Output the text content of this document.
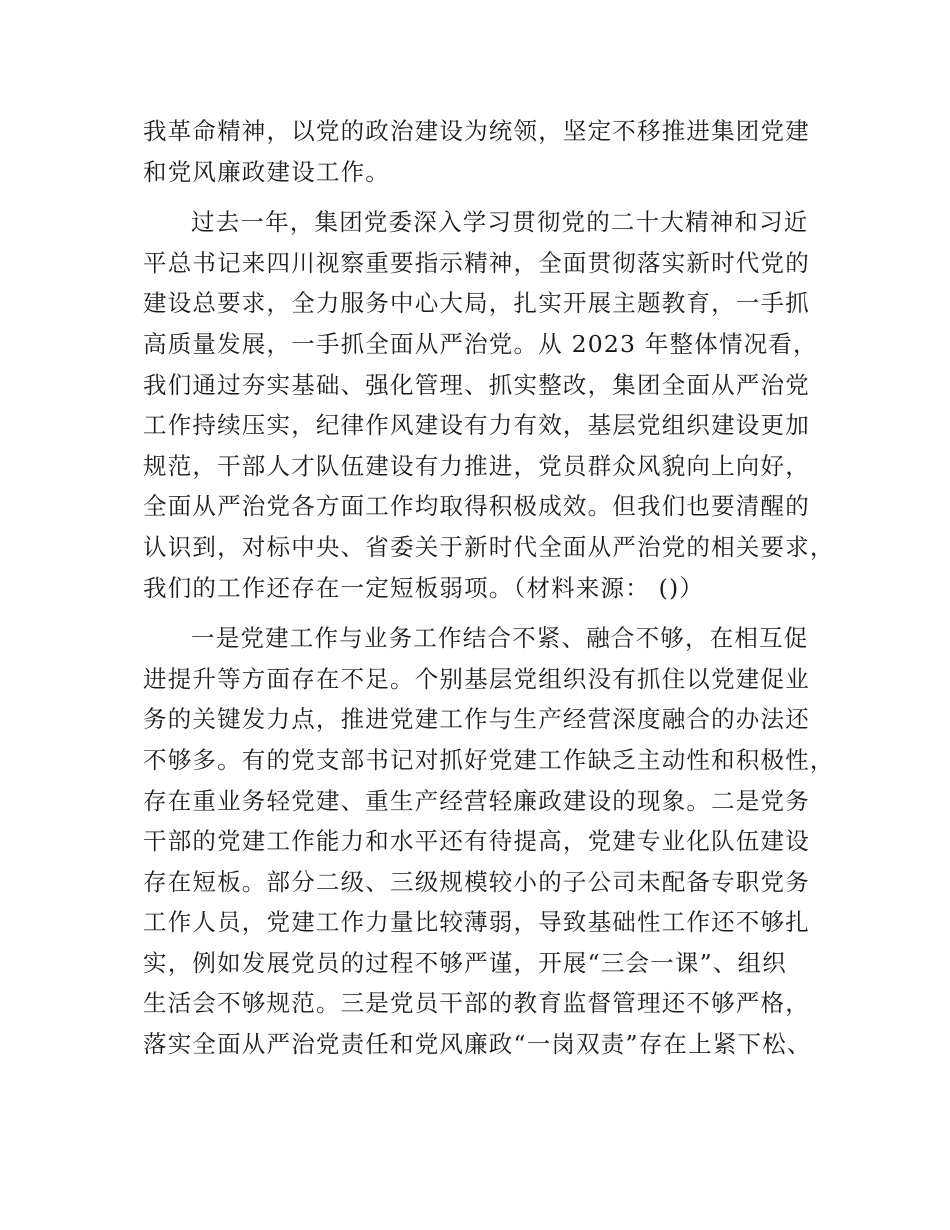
我革命精神，以党的政治建设为统领，坚定不移推进集团党建
和党风廉政建设工作。
过去一年，集团党委深入学习贯彻党的二十大精神和习近
平总书记来四川视察重要指示精神，全面贯彻落实新时代党的
建设总要求，全力服务中心大局，扎实开展主题教育，一手抓
高质量发展，一手抓全面从严治党。从 2023 年整体情况看，
我们通过夯实基础、强化管理、抓实整改，集团全面从严治党
工作持续压实，纪律作风建设有力有效，基层党组织建设更加
规范，干部人才队伍建设有力推进，党员群众风貌向上向好，
全面从严治党各方面工作均取得积极成效。但我们也要清醒的
认识到，对标中央、省委关于新时代全面从严治党的相关要求，
我们的工作还存在一定短板弱项。（材料来源： ()）
一是党建工作与业务工作结合不紧、融合不够，在相互促
进提升等方面存在不足。个别基层党组织没有抓住以党建促业
务的关键发力点，推进党建工作与生产经营深度融合的办法还
不够多。有的党支部书记对抓好党建工作缺乏主动性和积极性，
存在重业务轻党建、重生产经营轻廉政建设的现象。二是党务
干部的党建工作能力和水平还有待提高，党建专业化队伍建设
存在短板。部分二级、三级规模较小的子公司未配备专职党务
工作人员，党建工作力量比较薄弱，导致基础性工作还不够扎
实，例如发展党员的过程不够严谨，开展“三会一课”、组织
生活会不够规范。三是党员干部的教育监督管理还不够严格，
落实全面从严治党责任和党风廉政“一岗双责”存在上紧下松、
